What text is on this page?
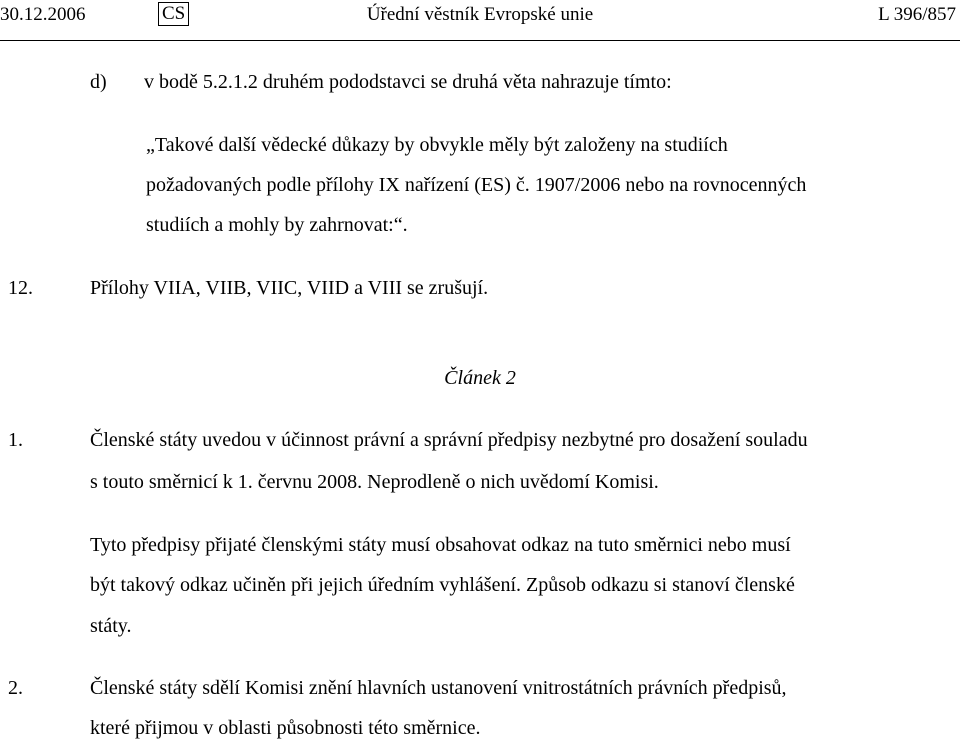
Úřední věstník Evropské unie
30.12.2006	CS	L 396/857
d) v bodě 5.2.1.2 druhém pododstavci se druhá věta nahrazuje tímto:
„Takové další vědecké důkazy by obvykle měly být založeny na studiích
požadovaných podle přílohy IX nařízení (ES) č. 1907/2006 nebo na rovnocenných
studiích a mohly by zahrnovat:“.
12.	Přílohy VIIA, VIIB, VIIC, VIID a VIII se zrušují.
Článek 2
1.	Členské státy uvedou v účinnost právní a správní předpisy nezbytné pro dosažení souladu
s touto směrnicí k 1. červnu 2008. Neprodleně o nich uvědomí Komisi.
Tyto předpisy přijaté členskými státy musí obsahovat odkaz na tuto směrnici nebo musí
být takový odkaz učiněn při jejich úředním vyhlášení. Způsob odkazu si stanoví členské
státy.
2.	Členské státy sdělí Komisi znění hlavních ustanovení vnitrostátních právních předpisů,
které přijmou v oblasti působnosti této směrnice.
